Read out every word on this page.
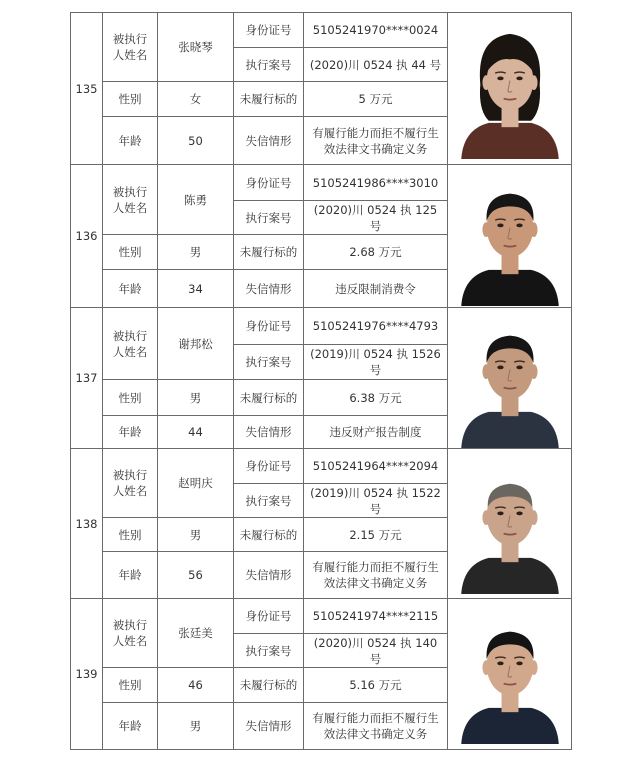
135	被执行人姓名	张晓琴	身份证号	5105241970****0024	

			执行案号	(2020)川 0524 执 44 号	
	性别	女	未履行标的	5 万元	
	年龄	50	失信情形	有履行能力而拒不履行生效法律文书确定义务	
136	被执行人姓名	陈勇	身份证号	5105241986****3010	

			执行案号	(2020)川 0524 执 125 号	
	性别	男	未履行标的	2.68 万元	
	年龄	34	失信情形	违反限制消费令	
137	被执行人姓名	谢邦松	身份证号	5105241976****4793	

			执行案号	(2019)川 0524 执 1526 号	
	性别	男	未履行标的	6.38 万元	
	年龄	44	失信情形	违反财产报告制度	
138	被执行人姓名	赵明庆	身份证号	5105241964****2094	

			执行案号	(2019)川 0524 执 1522 号	
	性别	男	未履行标的	2.15 万元	
	年龄	56	失信情形	有履行能力而拒不履行生效法律文书确定义务	
139	被执行人姓名	张廷美	身份证号	5105241974****2115	

			执行案号	(2020)川 0524 执 140 号	
	性别	46	未履行标的	5.16 万元	
	年龄	男	失信情形	有履行能力而拒不履行生效法律文书确定义务	
